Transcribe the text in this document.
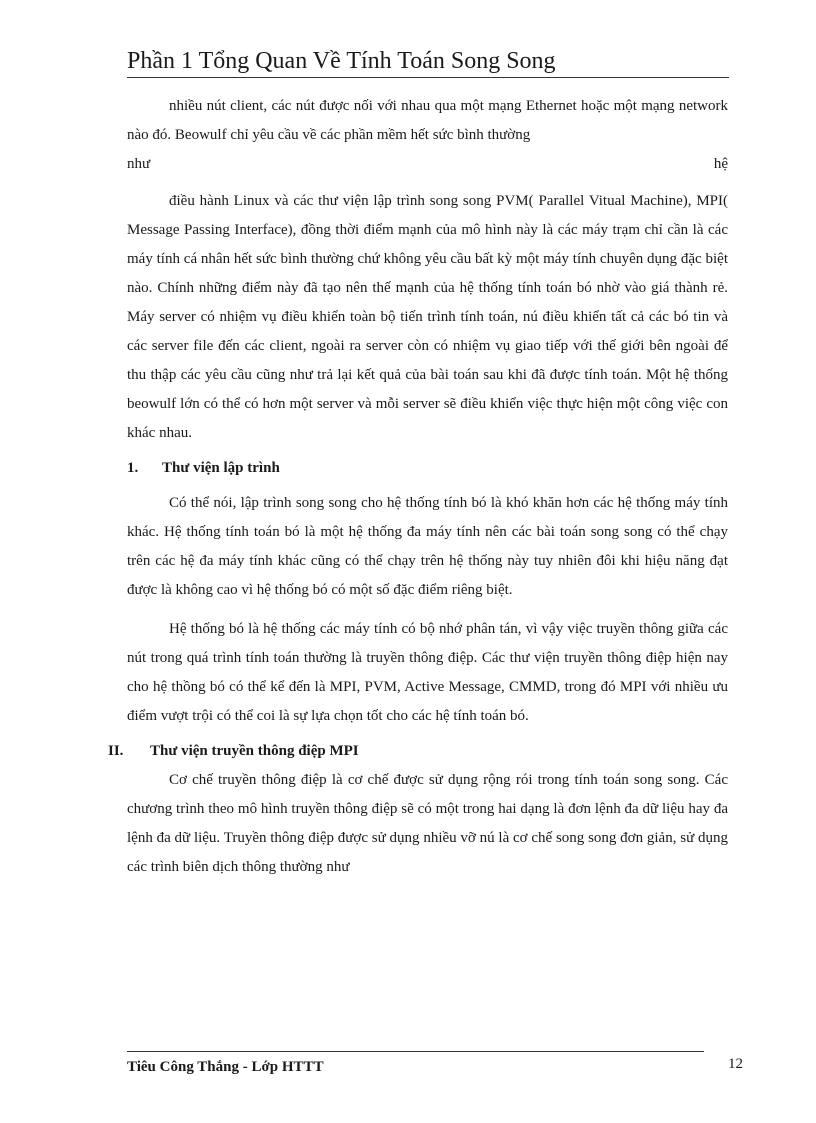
Phần 1 Tổng Quan Về Tính Toán Song Song

nhiều nút client, các nút được nối với nhau qua một mạng Ethernet hoặc một mạng network nào đó. Beowulf chỉ yêu cầu về các phần mềm hết sức bình thường

như	hệ

điều hành Linux và các thư viện lập trình song song PVM( Parallel Vitual Machine), MPI( Message Passing Interface), đồng thời điểm mạnh của mô hình này là các máy trạm chỉ cần là các máy tính cá nhân hết sức bình thường chứ không yêu cầu bất kỳ một máy tính chuyên dụng đặc biệt nào. Chính những điểm này đã tạo nên thế mạnh của hệ thống tính toán bó nhờ vào giá thành rẻ. Máy server có nhiệm vụ điều khiển toàn bộ tiến trình tính toán, nú điều khiển tất cả các bó tin và các server file đến các client, ngoài ra server còn có nhiệm vụ giao tiếp với thế giới bên ngoài để thu thập các yêu cầu cũng như trả lại kết quả của bài toán sau khi đã được tính toán. Một hệ thống beowulf lớn có thể có hơn một server và mỗi server sẽ điều khiển việc thực hiện một công việc con khác nhau.

1.	Thư viện lập trình

Có thể nói, lập trình song song cho hệ thống tính bó là khó khăn hơn các hệ thống máy tính khác. Hệ thống tính toán bó là một hệ thống đa máy tính nên các bài toán song song có thể chạy trên các hệ đa máy tính khác cũng có thể chạy trên hệ thống này tuy nhiên đôi khi hiệu năng đạt được là không cao vì hệ thống bó có một số đặc điểm riêng biệt.

Hệ thống bó là hệ thống các máy tính có bộ nhớ phân tán, vì vậy việc truyền thông giữa các nút trong quá trình tính toán thường là truyền thông điệp. Các thư viện truyền thông điệp hiện nay cho hệ thồng bó có thể kể đến là MPI, PVM, Active Message, CMMD, trong đó MPI với nhiều ưu điểm vượt trội có thể coi là sự lựa chọn tốt cho các hệ tính toán bó.

II.	Thư viện truyền thông điệp MPI

Cơ chế truyền thông điệp là cơ chế được sử dụng rộng rói trong tính toán song song. Các chương trình theo mô hình truyền thông điệp sẽ có một trong hai dạng là đơn lệnh đa dữ liệu hay đa lệnh đa dữ liệu. Truyền thông điệp được sử dụng nhiều vỡ nú là cơ chế song song đơn giản, sử dụng các trình biên dịch thông thường như

Tiêu Công Thắng - Lớp HTTT	12
